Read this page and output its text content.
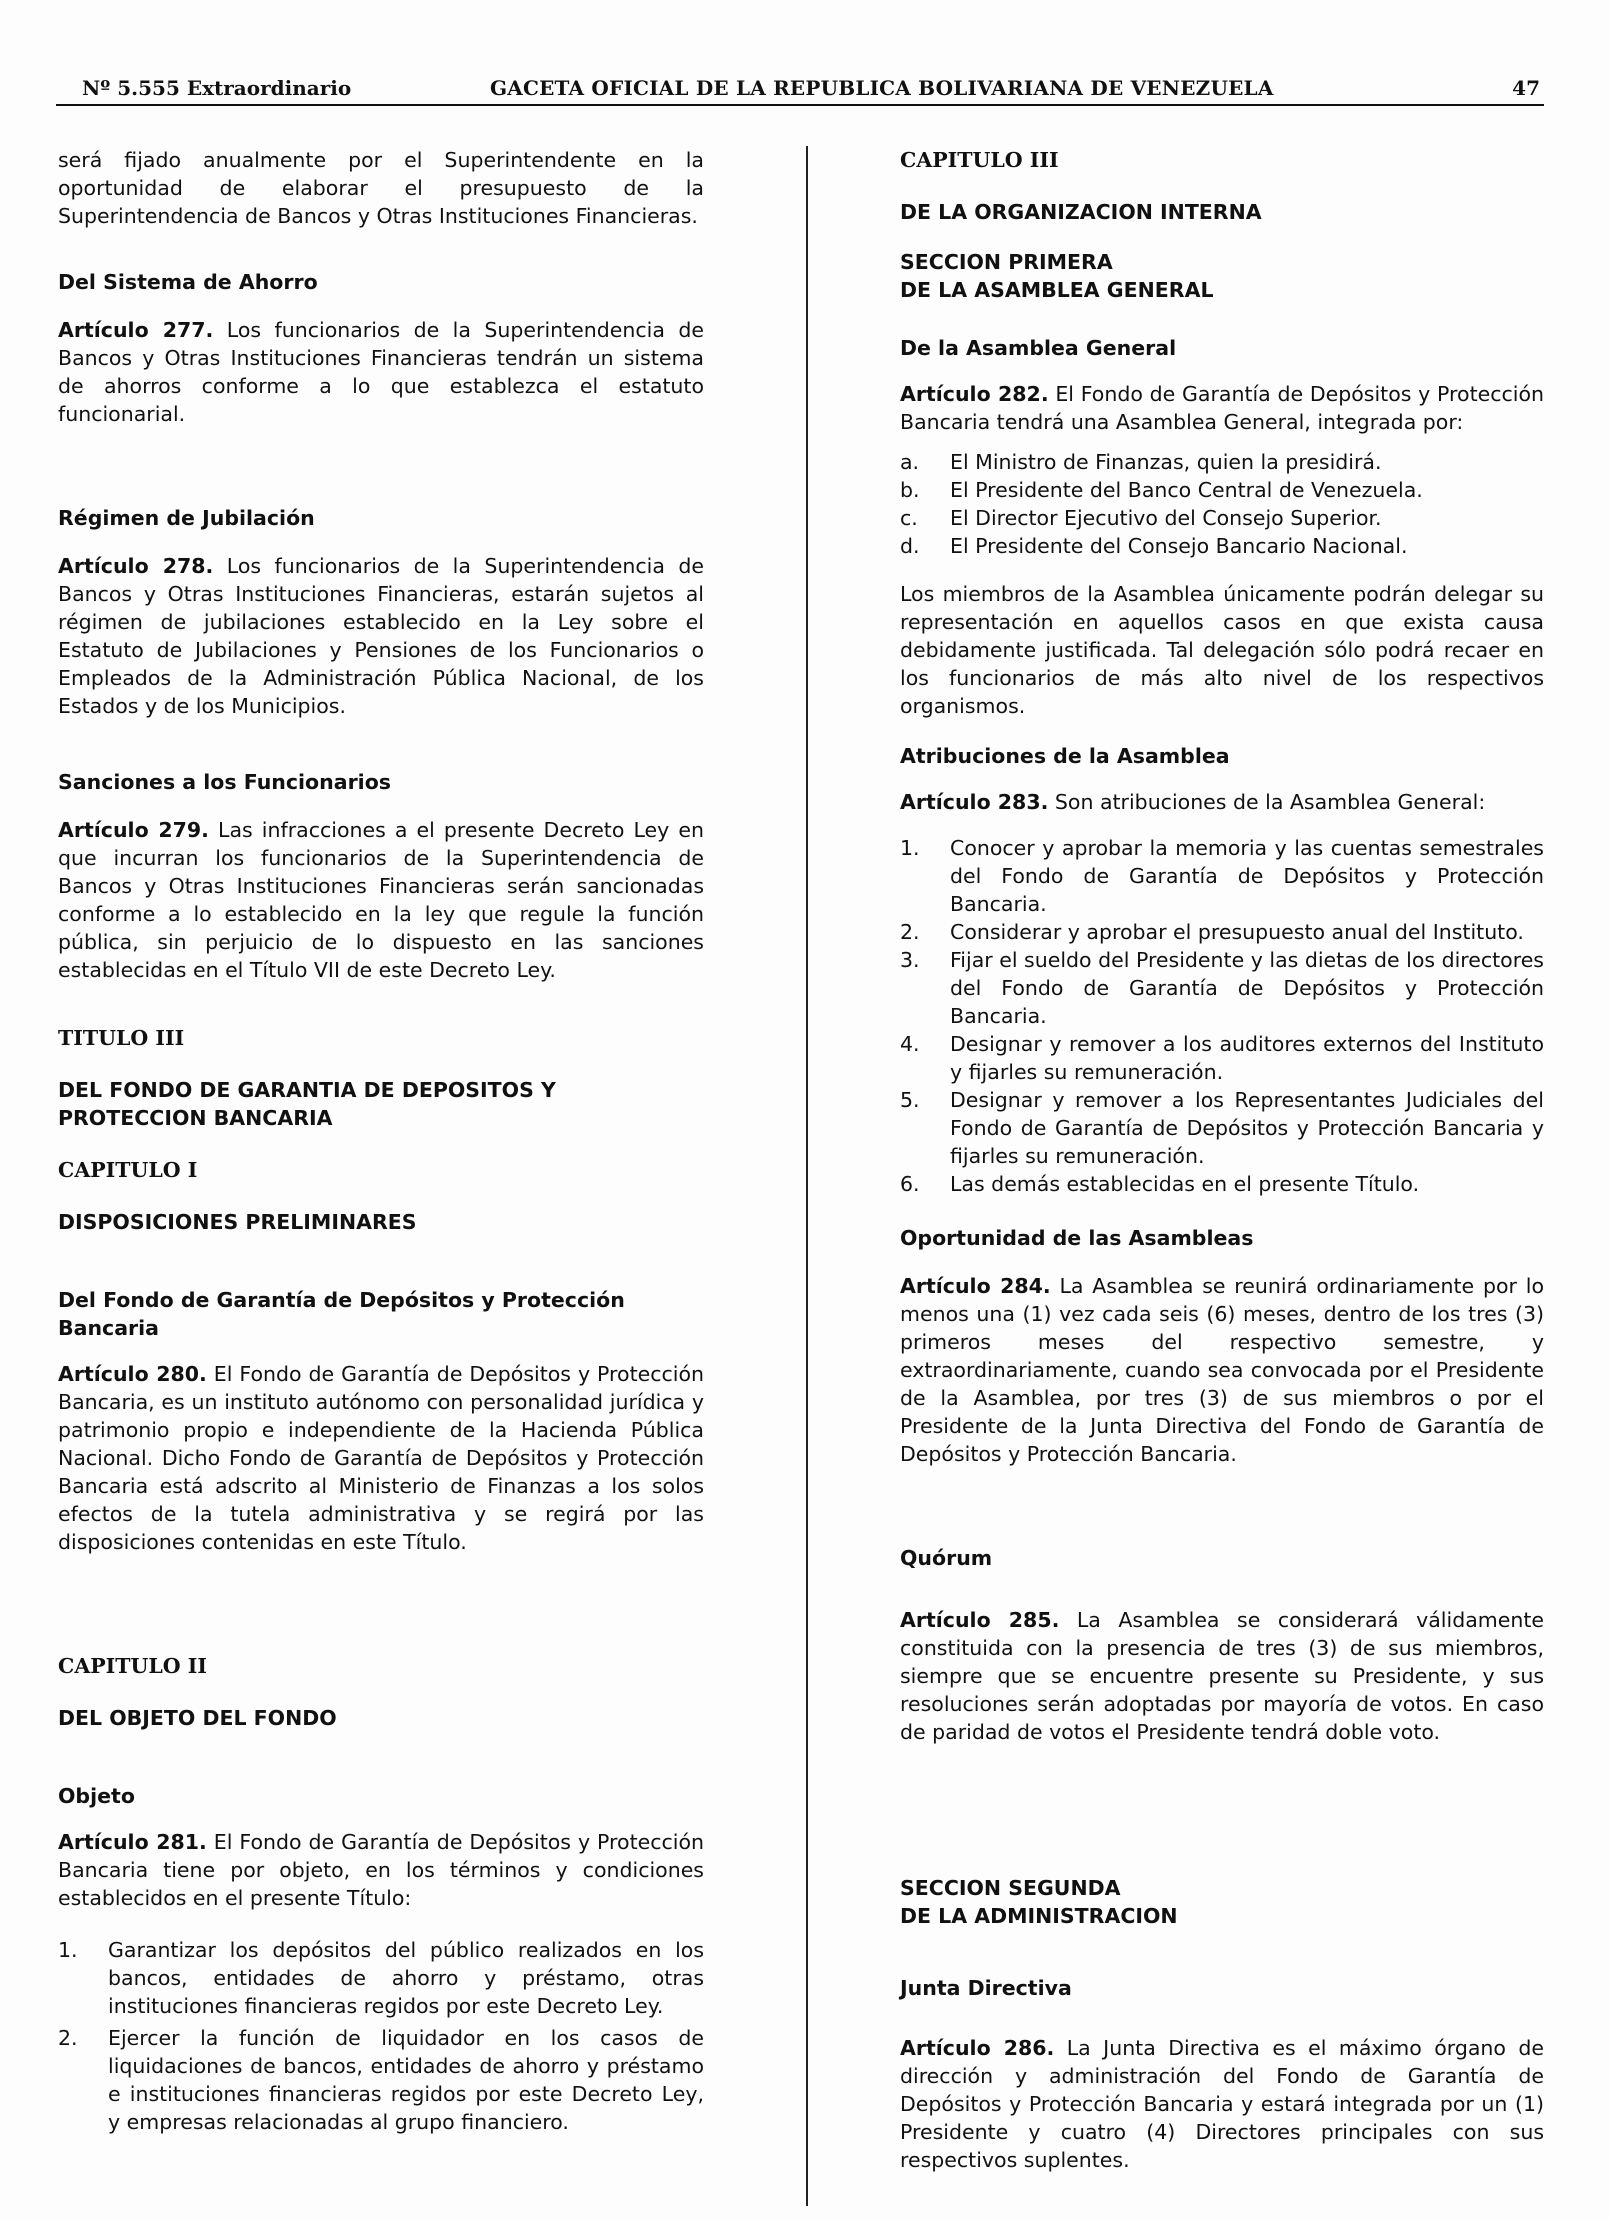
Nº 5.555 Extraordinario	GACETA OFICIAL DE LA REPUBLICA BOLIVARIANA DE VENEZUELA	47

será fijado anualmente por el Superintendente en la oportunidad de elaborar el presupuesto de la Superintendencia de Bancos y Otras Instituciones Financieras.

Del Sistema de Ahorro

Artículo 277. Los funcionarios de la Superintendencia de Bancos y Otras Instituciones Financieras tendrán un sistema de ahorros conforme a lo que establezca el estatuto funcionarial.

Régimen de Jubilación

Artículo 278. Los funcionarios de la Superintendencia de Bancos y Otras Instituciones Financieras, estarán sujetos al régimen de jubilaciones establecido en la Ley sobre el Estatuto de Jubilaciones y Pensiones de los Funcionarios o Empleados de la Administración Pública Nacional, de los Estados y de los Municipios.

Sanciones a los Funcionarios

Artículo 279. Las infracciones a el presente Decreto Ley en que incurran los funcionarios de la Superintendencia de Bancos y Otras Instituciones Financieras serán sancionadas conforme a lo establecido en la ley que regule la función pública, sin perjuicio de lo dispuesto en las sanciones establecidas en el Título VII de este Decreto Ley.

TITULO III

DEL FONDO DE GARANTIA DE DEPOSITOS Y

PROTECCION BANCARIA

CAPITULO I

DISPOSICIONES PRELIMINARES

Del Fondo de Garantía de Depósitos y Protección

Bancaria

Artículo 280. El Fondo de Garantía de Depósitos y Protección Bancaria, es un instituto autónomo con personalidad jurídica y patrimonio propio e independiente de la Hacienda Pública Nacional. Dicho Fondo de Garantía de Depósitos y Protección Bancaria está adscrito al Ministerio de Finanzas a los solos efectos de la tutela administrativa y se regirá por las disposiciones contenidas en este Título.

CAPITULO II

DEL OBJETO DEL FONDO

Objeto

Artículo 281. El Fondo de Garantía de Depósitos y Protección Bancaria tiene por objeto, en los términos y condiciones establecidos en el presente Título:

1. Garantizar los depósitos del público realizados en los bancos, entidades de ahorro y préstamo, otras instituciones financieras regidos por este Decreto Ley.
2. Ejercer la función de liquidador en los casos de liquidaciones de bancos, entidades de ahorro y préstamo e instituciones financieras regidos por este Decreto Ley, y empresas relacionadas al grupo financiero.

CAPITULO III

DE LA ORGANIZACION INTERNA

SECCION PRIMERA

DE LA ASAMBLEA GENERAL

De la Asamblea General

Artículo 282. El Fondo de Garantía de Depósitos y Protección Bancaria tendrá una Asamblea General, integrada por:

a. El Ministro de Finanzas, quien la presidirá.
b. El Presidente del Banco Central de Venezuela.
c. El Director Ejecutivo del Consejo Superior.
d. El Presidente del Consejo Bancario Nacional.

Los miembros de la Asamblea únicamente podrán delegar su representación en aquellos casos en que exista causa debidamente justificada. Tal delegación sólo podrá recaer en los funcionarios de más alto nivel de los respectivos organismos.

Atribuciones de la Asamblea

Artículo 283. Son atribuciones de la Asamblea General:

1. Conocer y aprobar la memoria y las cuentas semestrales del Fondo de Garantía de Depósitos y Protección Bancaria.
2. Considerar y aprobar el presupuesto anual del Instituto.
3. Fijar el sueldo del Presidente y las dietas de los directores del Fondo de Garantía de Depósitos y Protección Bancaria.
4. Designar y remover a los auditores externos del Instituto y fijarles su remuneración.
5. Designar y remover a los Representantes Judiciales del Fondo de Garantía de Depósitos y Protección Bancaria y fijarles su remuneración.
6. Las demás establecidas en el presente Título.

Oportunidad de las Asambleas

Artículo 284. La Asamblea se reunirá ordinariamente por lo menos una (1) vez cada seis (6) meses, dentro de los tres (3) primeros meses del respectivo semestre, y extraordinariamente, cuando sea convocada por el Presidente de la Asamblea, por tres (3) de sus miembros o por el Presidente de la Junta Directiva del Fondo de Garantía de Depósitos y Protección Bancaria.

Quórum

Artículo 285. La Asamblea se considerará válidamente constituida con la presencia de tres (3) de sus miembros, siempre que se encuentre presente su Presidente, y sus resoluciones serán adoptadas por mayoría de votos. En caso de paridad de votos el Presidente tendrá doble voto.

SECCION SEGUNDA

DE LA ADMINISTRACION

Junta Directiva

Artículo 286. La Junta Directiva es el máximo órgano de dirección y administración del Fondo de Garantía de Depósitos y Protección Bancaria y estará integrada por un (1) Presidente y cuatro (4) Directores principales con sus respectivos suplentes.
